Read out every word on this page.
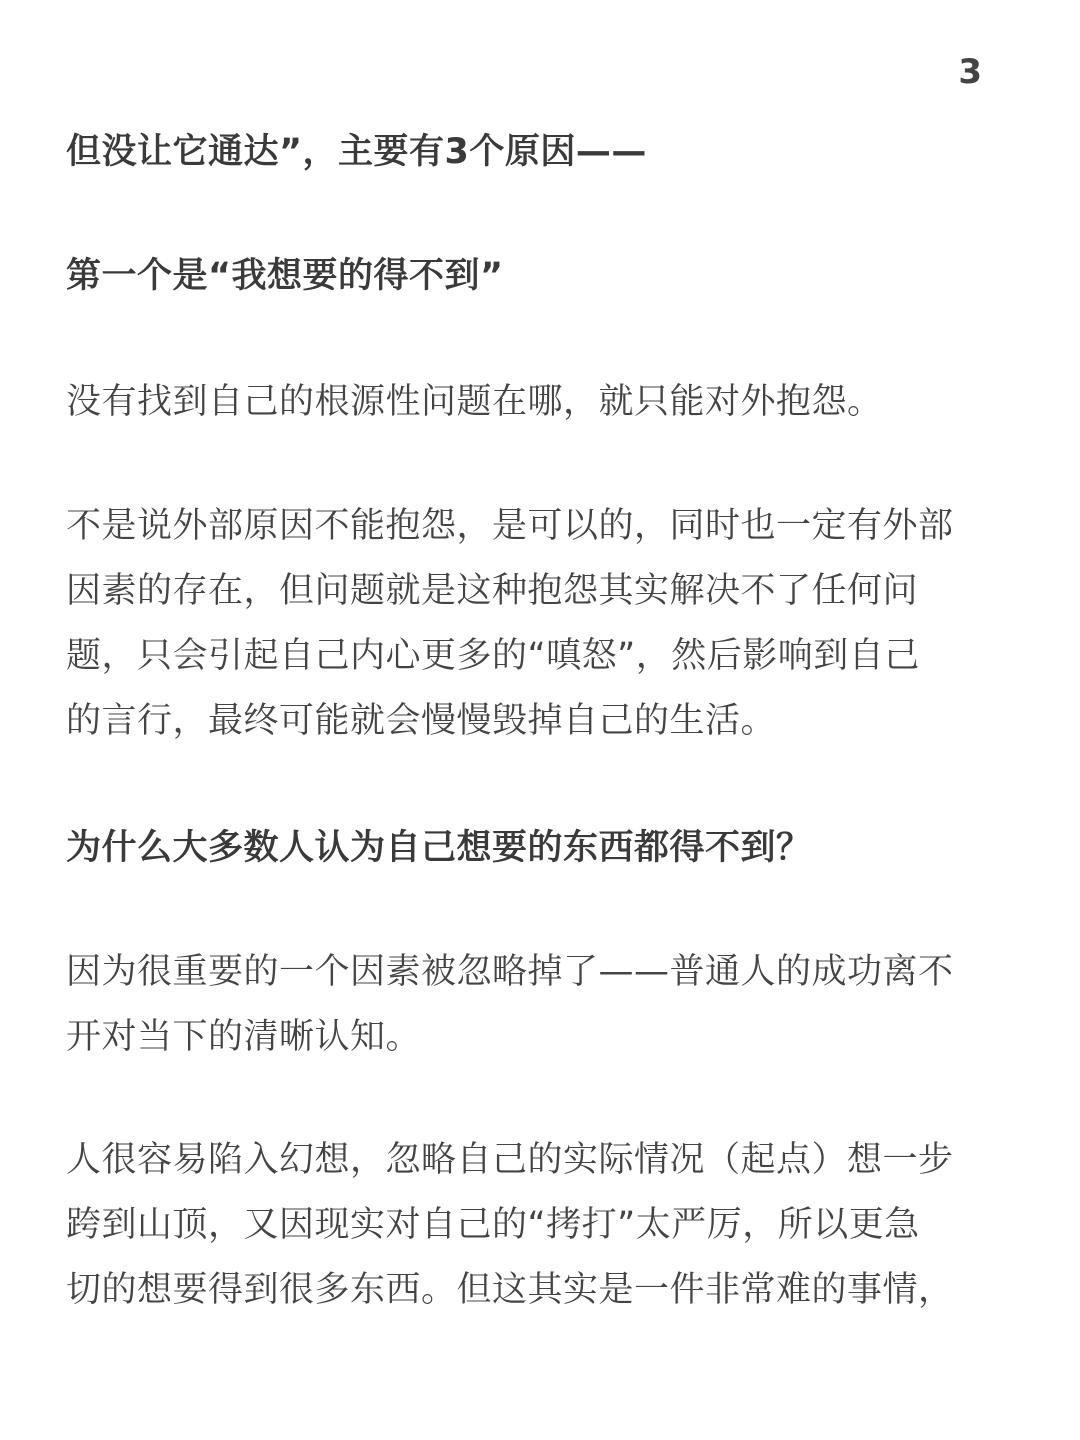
3

但没让它通达”，主要有3个原因——

第一个是“我想要的得不到”

没有找到自己的根源性问题在哪，就只能对外抱怨。

不是说外部原因不能抱怨，是可以的，同时也一定有外部
因素的存在，但问题就是这种抱怨其实解决不了任何问
题，只会引起自己内心更多的“嗔怒”，然后影响到自己
的言行，最终可能就会慢慢毁掉自己的生活。

为什么大多数人认为自己想要的东西都得不到？

因为很重要的一个因素被忽略掉了——普通人的成功离不
开对当下的清晰认知。

人很容易陷入幻想，忽略自己的实际情况（起点）想一步
跨到山顶，又因现实对自己的“拷打”太严厉，所以更急
切的想要得到很多东西。但这其实是一件非常难的事情，
